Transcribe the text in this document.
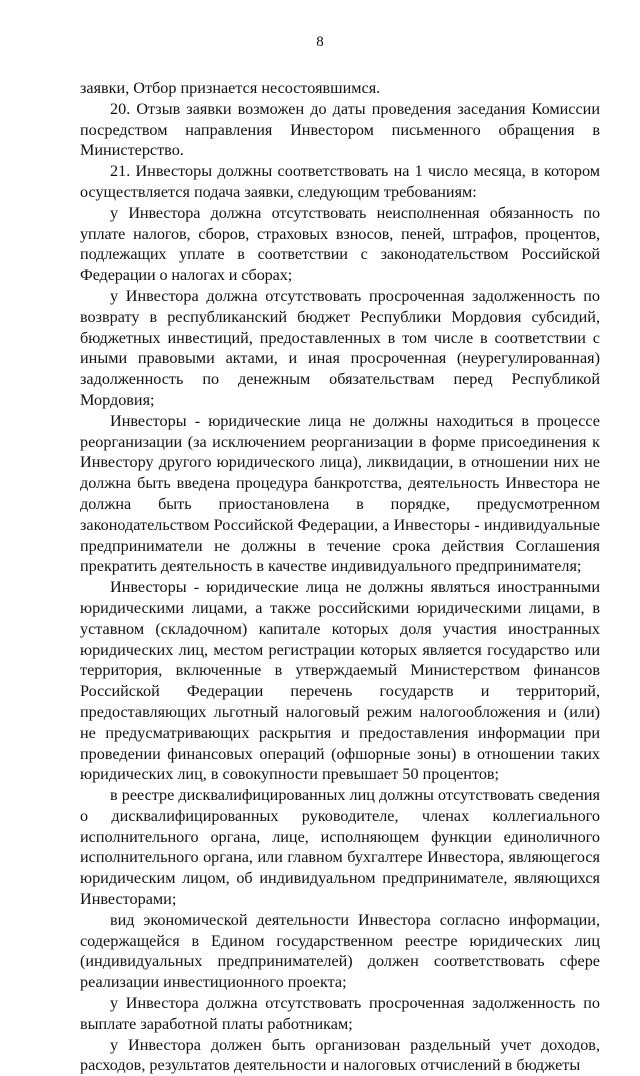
8

заявки, Отбор признается несостоявшимся.

20. Отзыв заявки возможен до даты проведения заседания Комиссии посредством направления Инвестором письменного обращения в Министерство.

21. Инвесторы должны соответствовать на 1 число месяца, в котором осуществляется подача заявки, следующим требованиям:

у Инвестора должна отсутствовать неисполненная обязанность по уплате налогов, сборов, страховых взносов, пеней, штрафов, процентов, подлежащих уплате в соответствии с законодательством Российской Федерации о налогах и сборах;

у Инвестора должна отсутствовать просроченная задолженность по возврату в республиканский бюджет Республики Мордовия субсидий, бюджетных инвестиций, предоставленных в том числе в соответствии с иными правовыми актами, и иная просроченная (неурегулированная) задолженность по денежным обязательствам перед Республикой Мордовия;

Инвесторы - юридические лица не должны находиться в процессе реорганизации (за исключением реорганизации в форме присоединения к Инвестору другого юридического лица), ликвидации, в отношении них не должна быть введена процедура банкротства, деятельность Инвестора не должна быть приостановлена в порядке, предусмотренном законодательством Российской Федерации, а Инвесторы - индивидуальные предприниматели не должны в течение срока действия Соглашения прекратить деятельность в качестве индивидуального предпринимателя;

Инвесторы - юридические лица не должны являться иностранными юридическими лицами, а также российскими юридическими лицами, в уставном (складочном) капитале которых доля участия иностранных юридических лиц, местом регистрации которых является государство или территория, включенные в утверждаемый Министерством финансов Российской Федерации перечень государств и территорий, предоставляющих льготный налоговый режим налогообложения и (или) не предусматривающих раскрытия и предоставления информации при проведении финансовых операций (офшорные зоны) в отношении таких юридических лиц, в совокупности превышает 50 процентов;

в реестре дисквалифицированных лиц должны отсутствовать сведения о дисквалифицированных руководителе, членах коллегиального исполнительного органа, лице, исполняющем функции единоличного исполнительного органа, или главном бухгалтере Инвестора, являющегося юридическим лицом, об индивидуальном предпринимателе, являющихся Инвесторами;

вид экономической деятельности Инвестора согласно информации, содержащейся в Едином государственном реестре юридических лиц (индивидуальных предпринимателей) должен соответствовать сфере реализации инвестиционного проекта;

у Инвестора должна отсутствовать просроченная задолженность по выплате заработной платы работникам;

у Инвестора должен быть организован раздельный учет доходов, расходов, результатов деятельности и налоговых отчислений в бюджеты
